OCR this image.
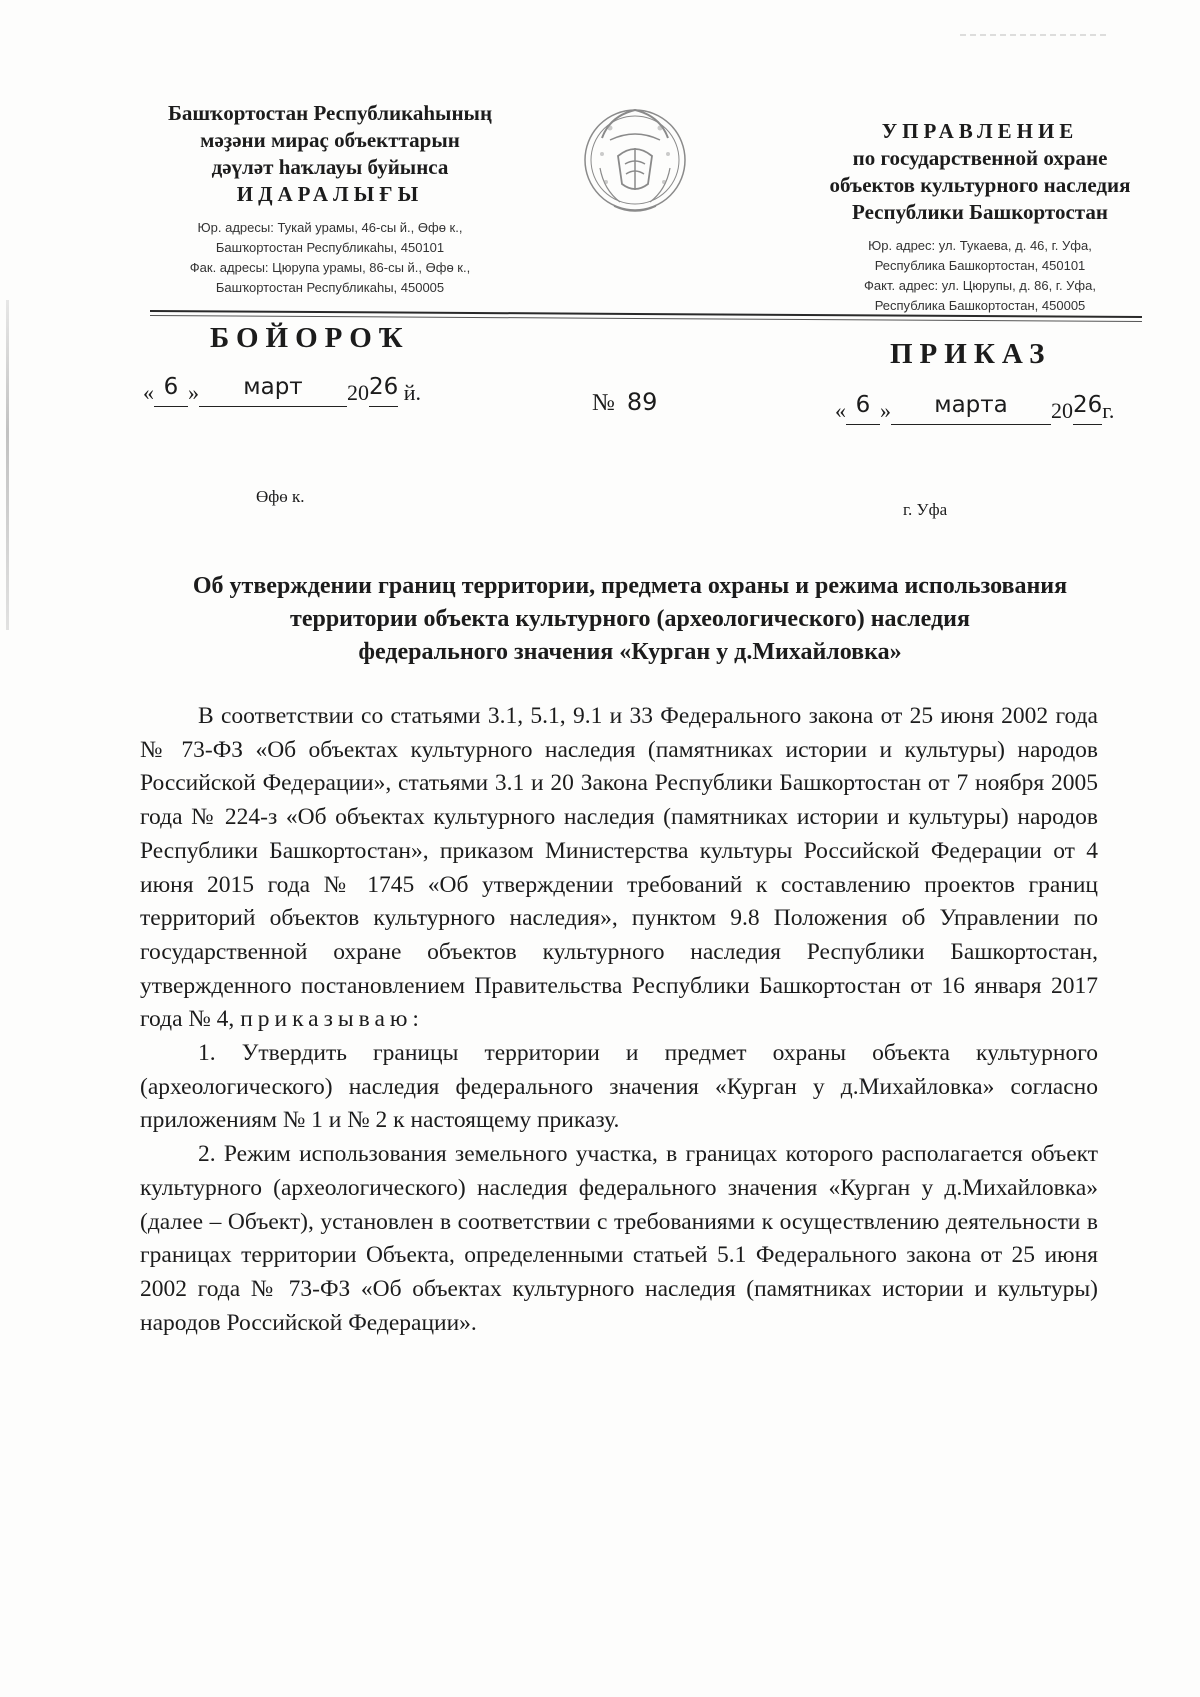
Башҡортостан Республикаһының

мәҙәни мираҫ объекттарын

дәүләт һаҡлауы буйынса

ИДАРАЛЫҒЫ

Юр. адресы: Тукай урамы, 46-сы й., Өфө к.,

Башҡортостан Республикаһы, 450101

Фак. адресы: Цюрупа урамы, 86-сы й., Өфө к.,

Башҡортостан Республикаһы, 450005

УПРАВЛЕНИЕ

по государственной охране

объектов культурного наследия

Республики Башкортостан

Юр. адрес: ул. Тукаева, д. 46, г. Уфа,

Республика Башкортостан, 450101

Факт. адрес: ул. Цюрупы, д. 86, г. Уфа,

Республика Башкортостан, 450005

БОЙОРОҠ	ПРИКАЗ
« 6 » март 2026 й.	№ 89	« 6 » марта 2026г.
Өфө к.
г. Уфа

Об утверждении границ территории, предмета охраны и режима использования

территории объекта культурного (археологического) наследия

федерального значения «Курган у д.Михайловка»

В соответствии со статьями 3.1, 5.1, 9.1 и 33 Федерального закона от 25 июня 2002 года № 73-ФЗ «Об объектах культурного наследия (памятниках истории и культуры) народов Российской Федерации», статьями 3.1 и 20 Закона Республики Башкортостан от 7 ноября 2005 года № 224-з «Об объектах культурного наследия (памятниках истории и культуры) народов Республики Башкортостан», приказом Министерства культуры Российской Федерации от 4 июня 2015 года № 1745 «Об утверждении требований к составлению проектов границ территорий объектов культурного наследия», пунктом 9.8 Положения об Управлении по государственной охране объектов культурного наследия Республики Башкортостан, утвержденного постановлением Правительства Республики Башкортостан от 16 января 2017 года № 4, приказываю:

1. Утвердить границы территории и предмет охраны объекта культурного (археологического) наследия федерального значения «Курган у д.Михайловка» согласно приложениям № 1 и № 2 к настоящему приказу.

2. Режим использования земельного участка, в границах которого располагается объект культурного (археологического) наследия федерального значения «Курган у д.Михайловка» (далее – Объект), установлен в соответствии с требованиями к осуществлению деятельности в границах территории Объекта, определенными статьей 5.1 Федерального закона от 25 июня 2002 года № 73-ФЗ «Об объектах культурного наследия (памятниках истории и культуры) народов Российской Федерации».
